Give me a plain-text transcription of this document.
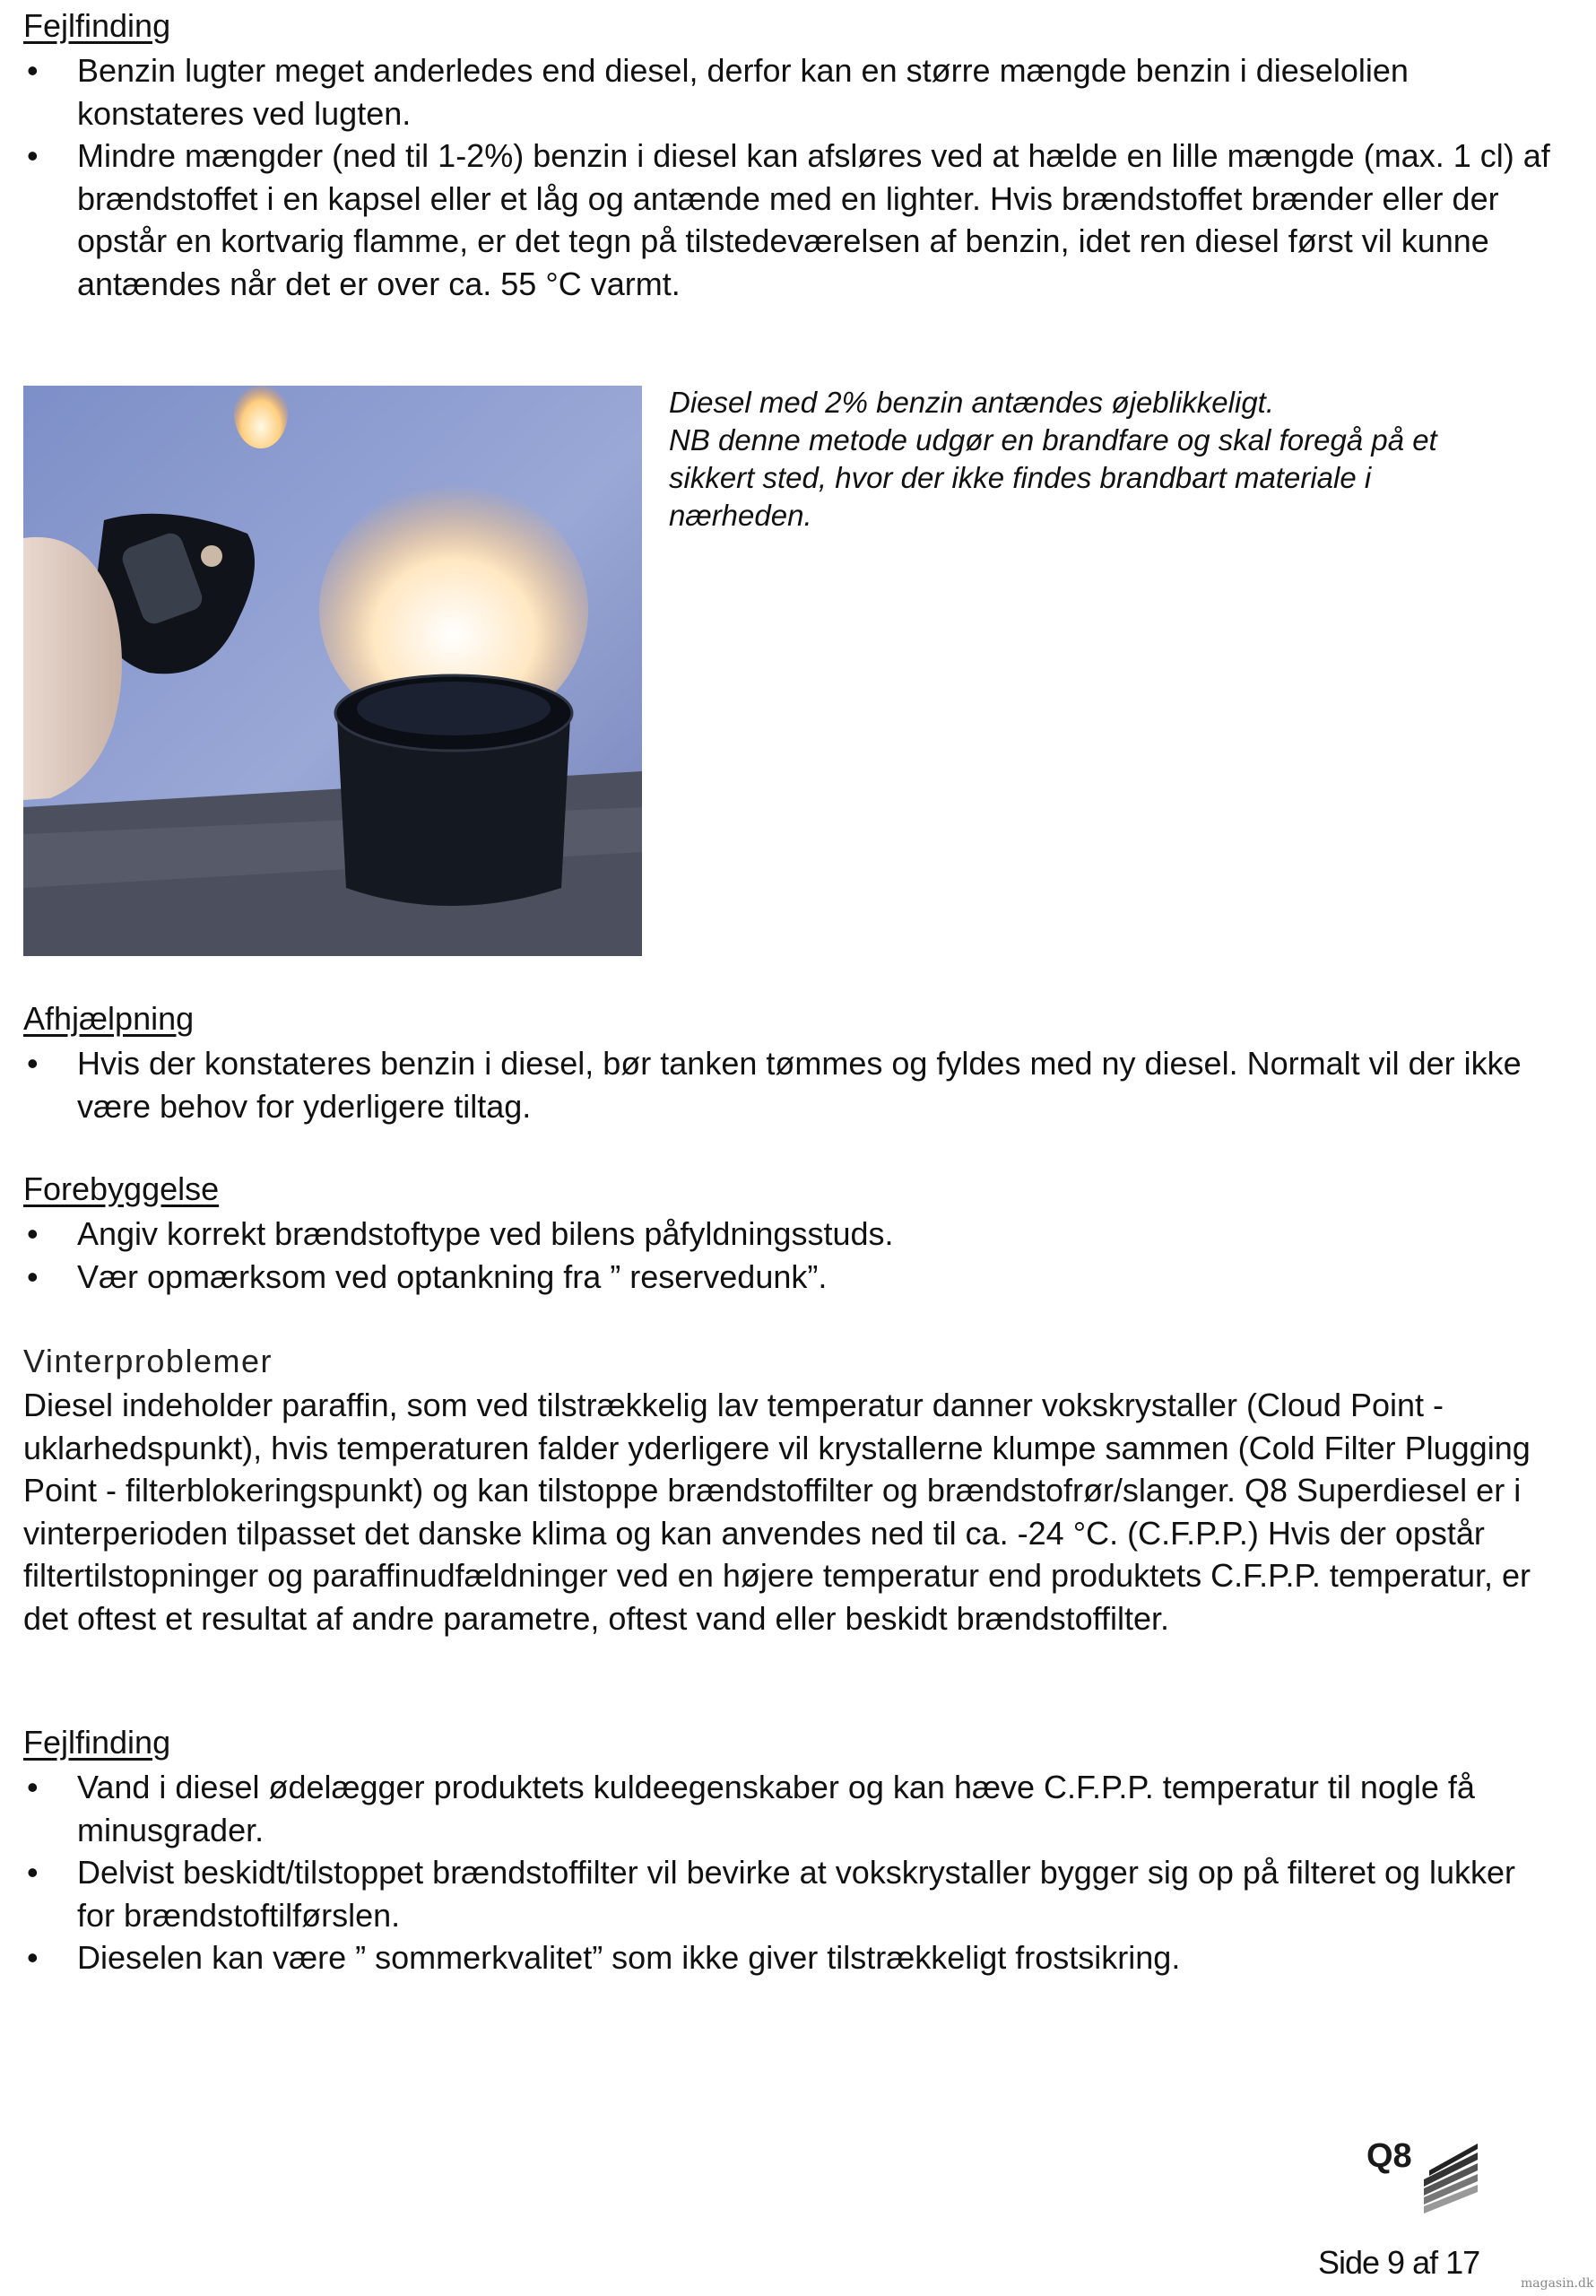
Fejlfinding
• Benzin lugter meget anderledes end diesel, derfor kan en større mængde benzin i dieselolien konstateres ved lugten.
• Mindre mængder (ned til 1-2%) benzin i diesel kan afsløres ved at hælde en lille mængde (max. 1 cl) af brændstoffet i en kapsel eller et låg og antænde med en lighter. Hvis brændstoffet brænder eller der opstår en kortvarig flamme, er det tegn på tilstedeværelsen af benzin, idet ren diesel først vil kunne antændes når det er over ca. 55 °C varmt.
Diesel med 2% benzin antændes øjeblikkeligt.
NB denne metode udgør en brandfare og skal foregå på et sikkert sted, hvor der ikke findes brandbart materiale i nærheden.
Afhjælpning
• Hvis der konstateres benzin i diesel, bør tanken tømmes og fyldes med ny diesel. Normalt vil der ikke være behov for yderligere tiltag.
Forebyggelse
• Angiv korrekt brændstoftype ved bilens påfyldningsstuds.
• Vær opmærksom ved optankning fra ” reservedunk”.
Vinterproblemer

Diesel indeholder paraffin, som ved tilstrækkelig lav temperatur danner vokskrystaller (Cloud Point - uklarhedspunkt), hvis temperaturen falder yderligere vil krystallerne klumpe sammen (Cold Filter Plugging Point - filterblokeringspunkt) og kan tilstoppe brændstoffilter og brændstofrør/slanger. Q8 Superdiesel er i vinterperioden tilpasset det danske klima og kan anvendes ned til ca. -24 °C. (C.F.P.P.) Hvis der opstår filtertilstopninger og paraffinudfældninger ved en højere temperatur end produktets C.F.P.P. temperatur, er det oftest et resultat af andre parametre, oftest vand eller beskidt brændstoffilter.

Fejlfinding
• Vand i diesel ødelægger produktets kuldeegenskaber og kan hæve C.F.P.P. temperatur til nogle få minusgrader.
• Delvist beskidt/tilstoppet brændstoffilter vil bevirke at vokskrystaller bygger sig op på filteret og lukker for brændstoftilførslen.
• Dieselen kan være ” sommerkvalitet” som ikke giver tilstrækkeligt frostsikring.
Q8
Side 9 af 17
magasin.dk
